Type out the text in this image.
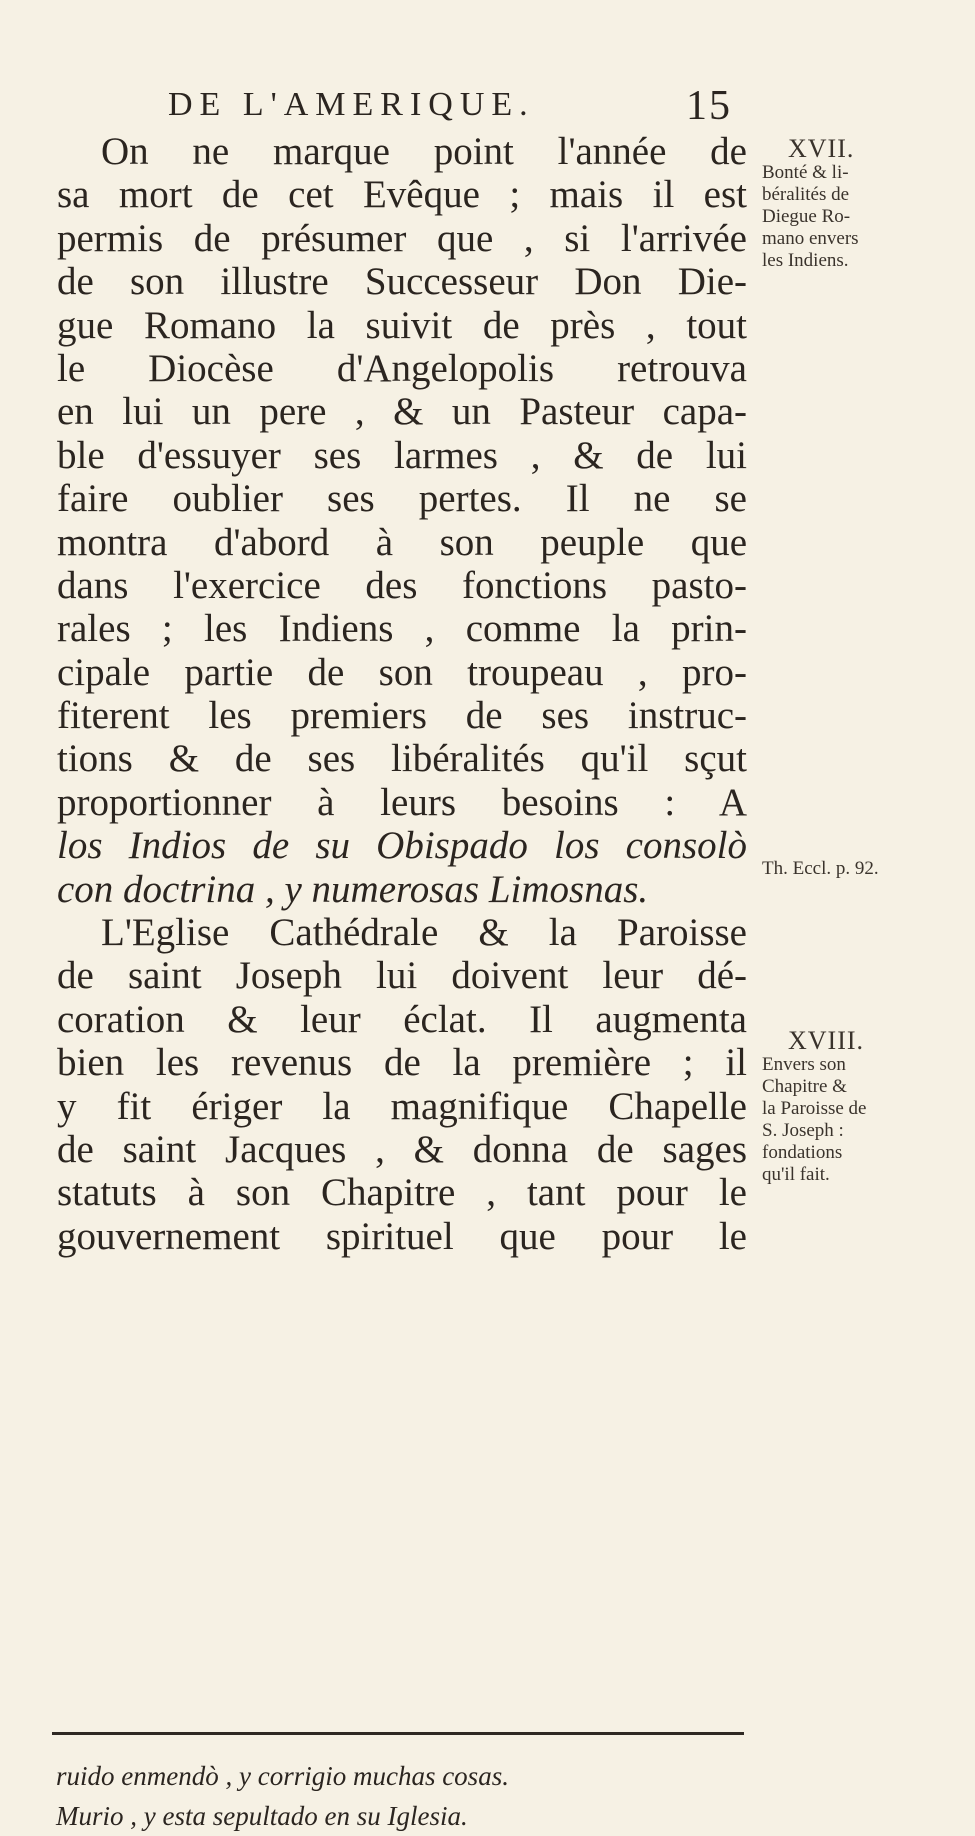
DE L'AMERIQUE.	15
On ne marque point l'année de
sa mort de cet Evêque ; mais il est
permis de présumer que , si l'arrivée
de son illustre Successeur Don Die-
gue Romano la suivit de près , tout
le Diocèse d'Angelopolis retrouva
en lui un pere , & un Pasteur capa-
ble d'essuyer ses larmes , & de lui
faire oublier ses pertes. Il ne se
montra d'abord à son peuple que
dans l'exercice des fonctions pasto-
rales ; les Indiens , comme la prin-
cipale partie de son troupeau , pro-
fiterent les premiers de ses instruc-
tions & de ses libéralités qu'il sçut
proportionner à leurs besoins : A
los Indios de su Obispado los consolò
con doctrina , y numerosas Limosnas.
L'Eglise Cathédrale & la Paroisse
de saint Joseph lui doivent leur dé-
coration & leur éclat. Il augmenta
bien les revenus de la première ; il
y fit ériger la magnifique Chapelle
de saint Jacques , & donna de sages
statuts à son Chapitre , tant pour le
gouvernement spirituel que pour le
XVII.
Bonté & li-
béralités de
Diegue Ro-
mano envers
les Indiens.
Th. Eccl. p. 92.
XVIII.
Envers son
Chapitre &
la Paroisse de
S. Joseph :
fondations
qu'il fait.
ruido enmendò , y corrigio muchas cosas.
Murio , y esta sepultado en su Iglesia.
